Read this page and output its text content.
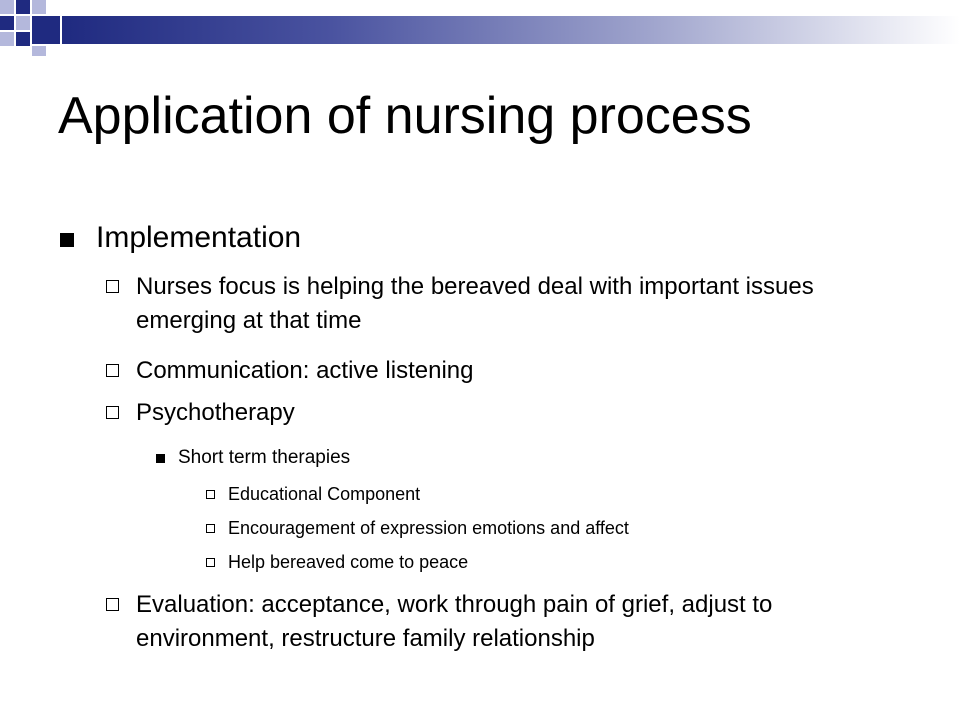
Application of nursing process
Implementation
Nurses focus is helping the bereaved deal with important issues emerging at that time
Communication: active listening
Psychotherapy
Short term therapies
Educational Component
Encouragement of expression emotions and affect
Help bereaved come to peace
Evaluation: acceptance, work through pain of grief, adjust to environment, restructure family relationship
